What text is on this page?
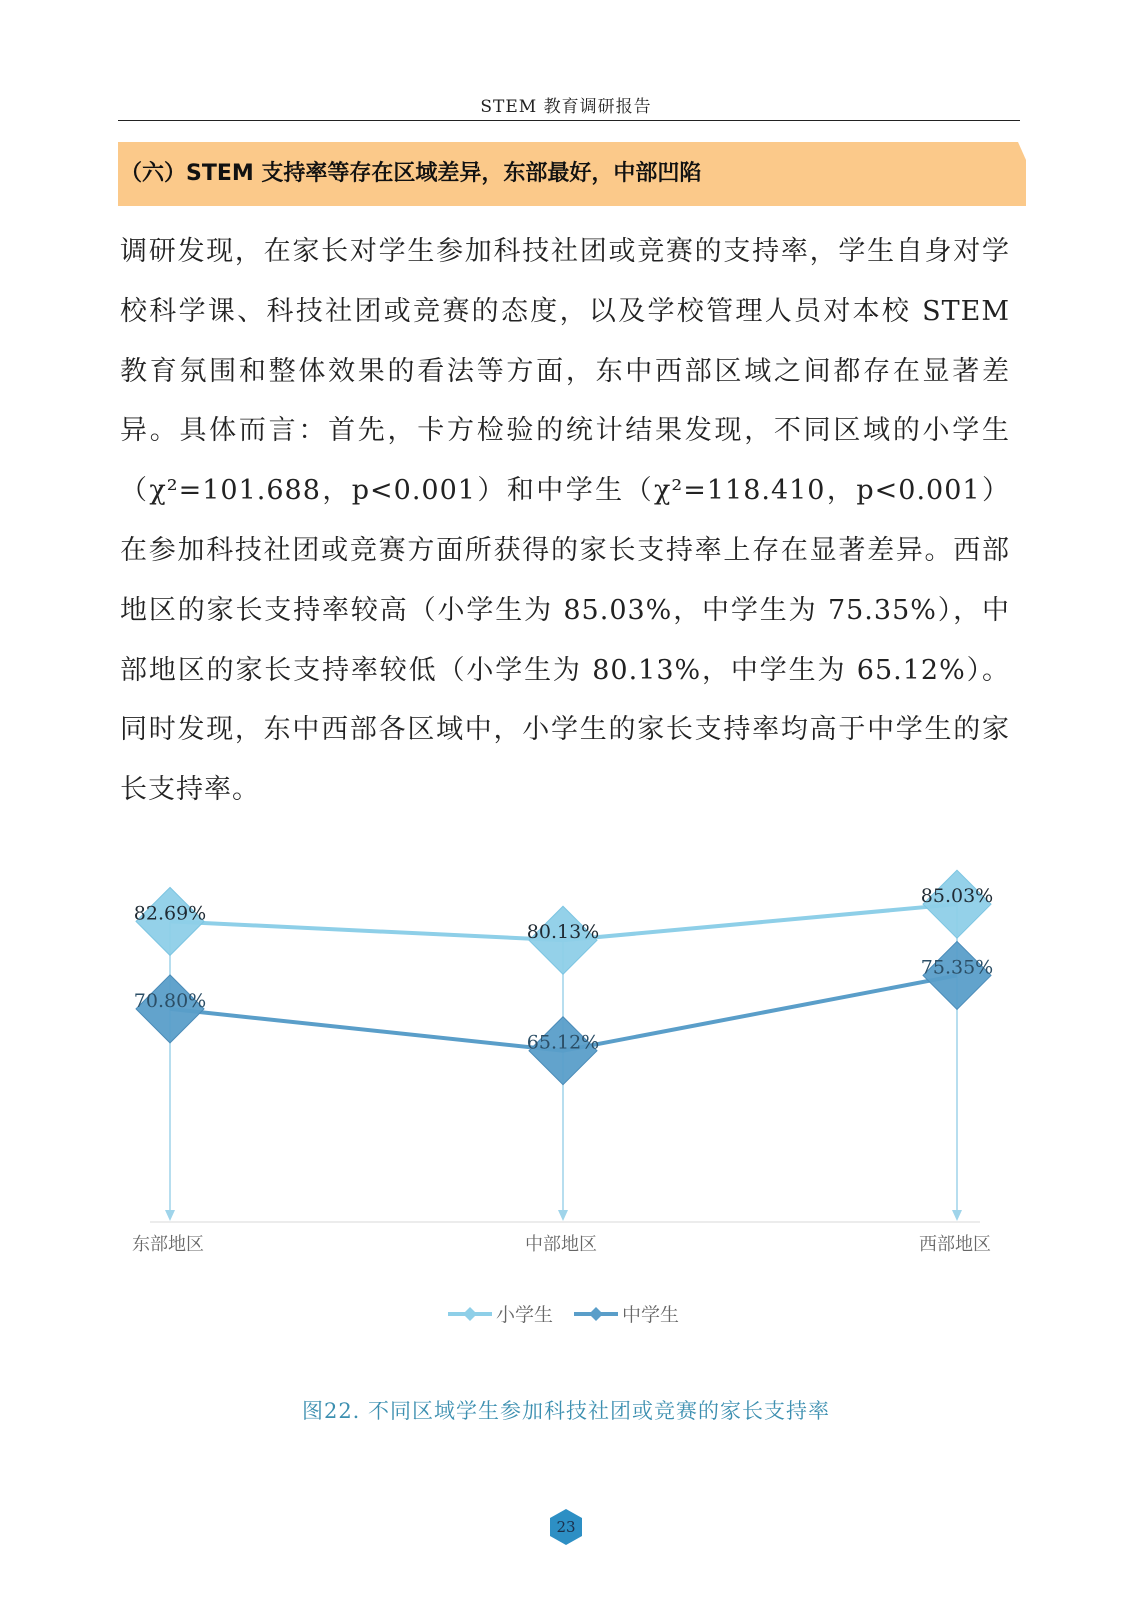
STEM 教育调研报告
（六）STEM 支持率等存在区域差异，东部最好，中部凹陷
调研发现，在家长对学生参加科技社团或竞赛的支持率，学生自身对学校科学课、科技社团或竞赛的态度，以及学校管理人员对本校 STEM 教育氛围和整体效果的看法等方面，东中西部区域之间都存在显著差异。具体而言：首先，卡方检验的统计结果发现，不同区域的小学生（χ²=101.688，p<0.001）和中学生（χ²=118.410，p<0.001）在参加科技社团或竞赛方面所获得的家长支持率上存在显著差异。西部地区的家长支持率较高（小学生为 85.03%，中学生为 75.35%），中部地区的家长支持率较低（小学生为 80.13%，中学生为 65.12%）。同时发现，东中西部各区域中，小学生的家长支持率均高于中学生的家长支持率。
70.80%
65.12%
75.35%
82.69%
80.13%
85.03%
东部地区	中部地区	西部地区
小学生	中学生
图22. 不同区域学生参加科技社团或竞赛的家长支持率
23
